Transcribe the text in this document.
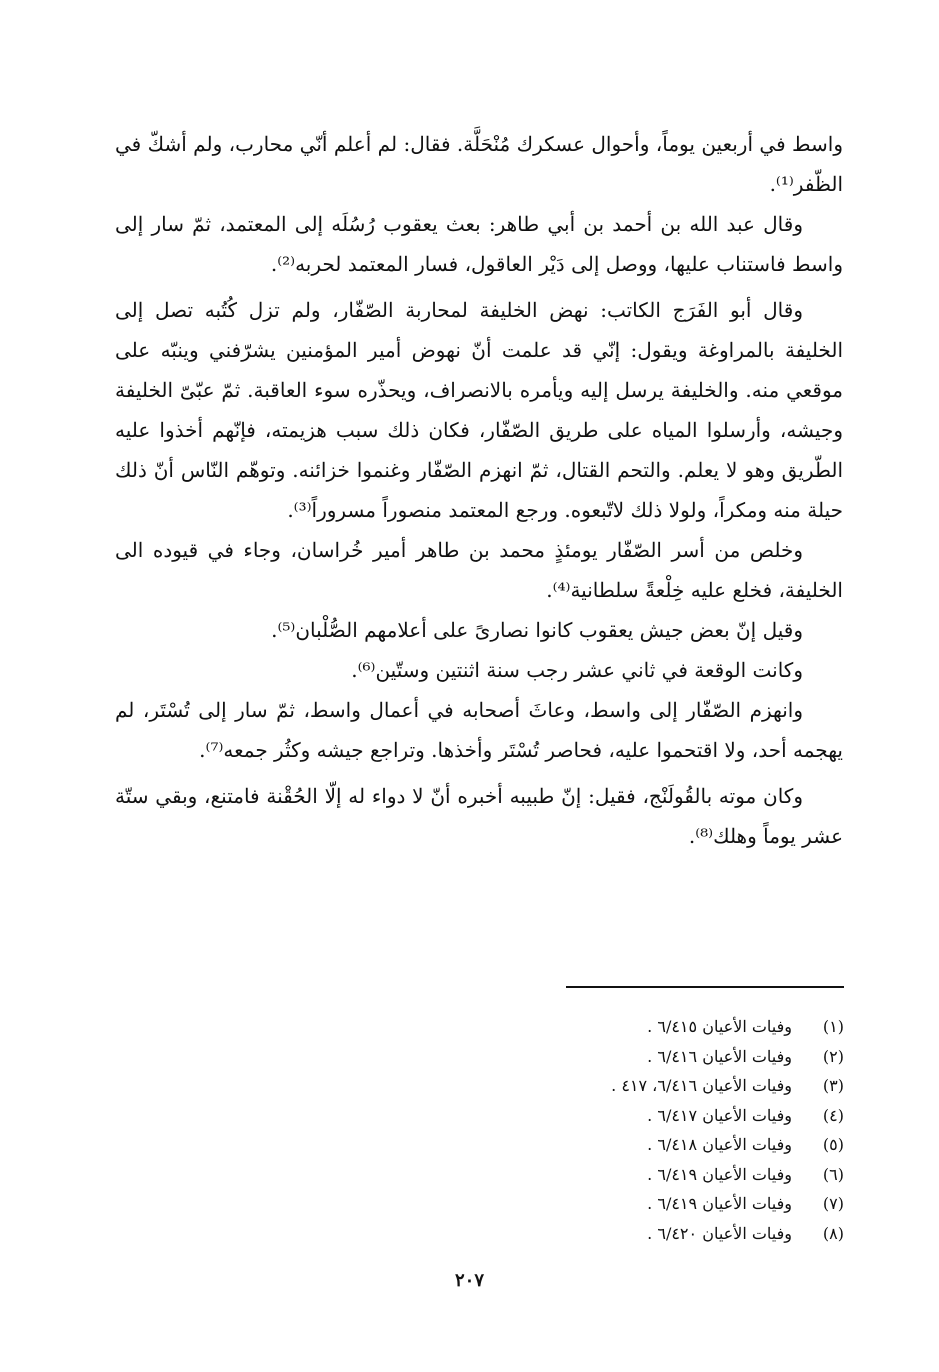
واسط في أربعين يوماً، وأحوال عسكرك مُنْحَلَّة. فقال: لم أعلم أنّي محارب، ولم أشكّ في الظّفر⁽¹⁾.

وقال عبد الله بن أحمد بن أبي طاهر: بعث يعقوب رُسُلَه إلى المعتمد، ثمّ سار إلى واسط فاستناب عليها، ووصل إلى دَيْر العاقول، فسار المعتمد لحربه⁽²⁾.

وقال أبو الفَرَج الكاتب: نهض الخليفة لمحاربة الصّفّار، ولم تزل كُتُبه تصل إلى الخليفة بالمراوغة ويقول: إنّي قد علمت أنّ نهوض أمير المؤمنين يشرّفني وينبّه على موقعي منه. والخليفة يرسل إليه ويأمره بالانصراف، ويحذّره سوء العاقبة. ثمّ عبّىّ الخليفة وجيشه، وأرسلوا المياه على طريق الصّفّار، فكان ذلك سبب هزيمته، فإنّهم أخذوا عليه الطّريق وهو لا يعلم. والتحم القتال، ثمّ انهزم الصّفّار وغنموا خزائنه. وتوهّم النّاس أنّ ذلك حيلة منه ومكراً، ولولا ذلك لاتّبعوه. ورجع المعتمد منصوراً مسروراً⁽³⁾.

وخلص من أسر الصّفّار يومئذٍ محمد بن طاهر أمير خُراسان، وجاء في قيوده الى الخليفة، فخلع عليه خِلْعةً سلطانية⁽⁴⁾.

وقيل إنّ بعض جيش يعقوب كانوا نصارىً على أعلامهم الصُّلْبان⁽⁵⁾.

وكانت الوقعة في ثاني عشر رجب سنة اثنتين وستّين⁽⁶⁾.

وانهزم الصّفّار إلى واسط، وعاثَ أصحابه في أعمال واسط، ثمّ سار إلى تُسْتَر، لم يهجمه أحد، ولا اقتحموا عليه، فحاصر تُسْتَر وأخذها. وتراجع جيشه وكثُر جمعه⁽⁷⁾.

وكان موته بالقُولَنْج، فقيل: إنّ طبيبه أخبره أنّ لا دواء له إلّا الحُقْنة فامتنع، وبقي ستّة عشر يوماً وهلك⁽⁸⁾.

(١)
وفيات الأعيان ٦/٤١٥ .
(٢)
وفيات الأعيان ٦/٤١٦ .
(٣)
وفيات الأعيان ٦/٤١٦، ٤١٧ .
(٤)
وفيات الأعيان ٦/٤١٧ .
(٥)
وفيات الأعيان ٦/٤١٨ .
(٦)
وفيات الأعيان ٦/٤١٩ .
(٧)
وفيات الأعيان ٦/٤١٩ .
(٨)
وفيات الأعيان ٦/٤٢٠ .
٢٠٧
